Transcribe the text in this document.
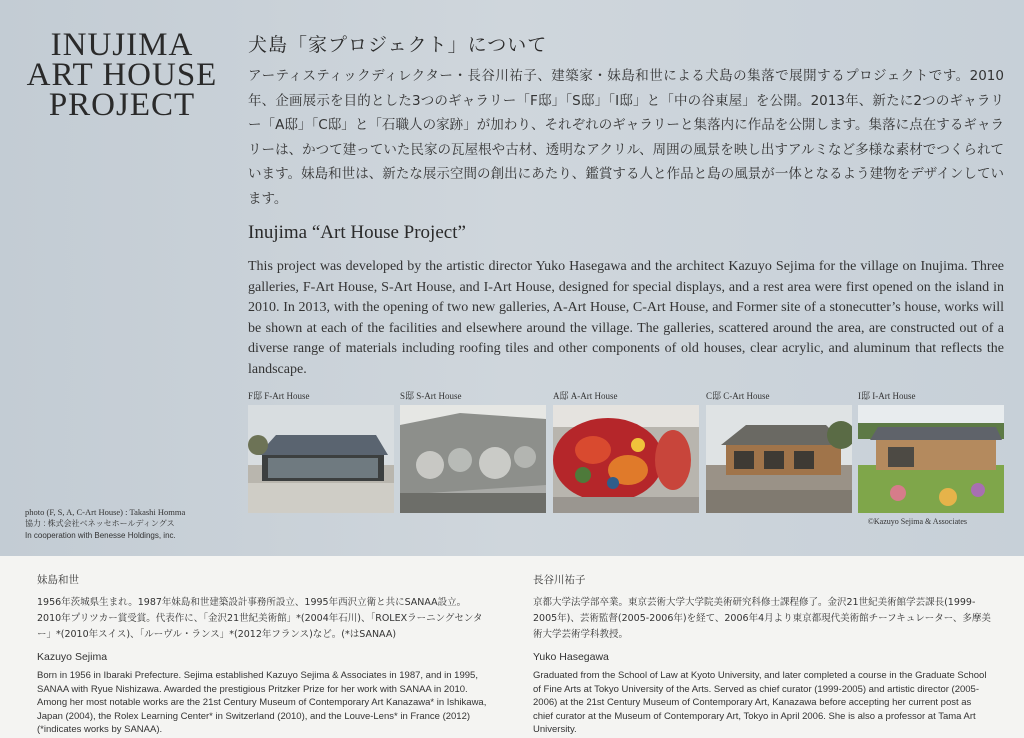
INUJIMA
ART HOUSE
PROJECT
犬島「家プロジェクト」について
アーティスティックディレクター・長谷川祐子、建築家・妹島和世による犬島の集落で展開するプロジェクトです。2010年、企画展示を目的とした3つのギャラリー「F邸」「S邸」「I邸」と「中の谷東屋」を公開。2013年、新たに2つのギャラリー「A邸」「C邸」と「石職人の家跡」が加わり、それぞれのギャラリーと集落内に作品を公開します。集落に点在するギャラリーは、かつて建っていた民家の瓦屋根や古材、透明なアクリル、周囲の風景を映し出すアルミなど多様な素材でつくられています。妹島和世は、新たな展示空間の創出にあたり、鑑賞する人と作品と島の風景が一体となるよう建物をデザインしています。
Inujima “Art House Project”
This project was developed by the artistic director Yuko Hasegawa and the architect Kazuyo Sejima for the village on Inujima. Three galleries, F-Art House, S-Art House, and I-Art House, designed for special displays, and a rest area were first opened on the island in 2010. In 2013, with the opening of two new galleries, A-Art House, C-Art House, and Former site of a stonecutter’s house, works will be shown at each of the facilities and elsewhere around the village. The galleries, scattered around the area, are constructed out of a diverse range of materials including roofing tiles and other components of old houses, clear acrylic, and aluminum that reflects the landscape.
F邸 F-Art House	S邸 S-Art House	A邸 A-Art House	C邸 C-Art House	I邸 I-Art House
©Kazuyo Sejima & Associates
photo (F, S, A, C-Art House) : Takashi Homma
協力 : 株式会社ベネッセホールディングス
In cooperation with Benesse Holdings, inc.
妹島和世
1956年茨城県生まれ。1987年妹島和世建築設計事務所設立、1995年西沢立衛と共にSANAA設立。2010年プリツカー賞受賞。代表作に、「金沢21世紀美術館」*(2004年石川)、「ROLEXラーニングセンター」*(2010年スイス)、「ルーヴル・ランス」*(2012年フランス)など。(*はSANAA)
Kazuyo Sejima
Born in 1956 in Ibaraki Prefecture. Sejima established Kazuyo Sejima & Associates in 1987, and in 1995, SANAA with Ryue Nishizawa. Awarded the prestigious Pritzker Prize for her work with SANAA in 2010. Among her most notable works are the 21st Century Museum of Contemporary Art Kanazawa* in Ishikawa, Japan (2004), the Rolex Learning Center* in Switzerland (2010), and the Louve-Lens* in France (2012) (*indicates works by SANAA).
長谷川祐子
京都大学法学部卒業。東京芸術大学大学院美術研究科修士課程修了。金沢21世紀美術館学芸課長(1999-2005年)、芸術監督(2005-2006年)を経て、2006年4月より東京都現代美術館チーフキュレーター、多摩美術大学芸術学科教授。
Yuko Hasegawa
Graduated from the School of Law at Kyoto University, and later completed a course in the Graduate School of Fine Arts at Tokyo University of the Arts. Served as chief curator (1999-2005) and artistic director (2005-2006) at the 21st Century Museum of Contemporary Art, Kanazawa before accepting her current post as chief curator at the Museum of Contemporary Art, Tokyo in April 2006. She is also a professor at Tama Art University.
